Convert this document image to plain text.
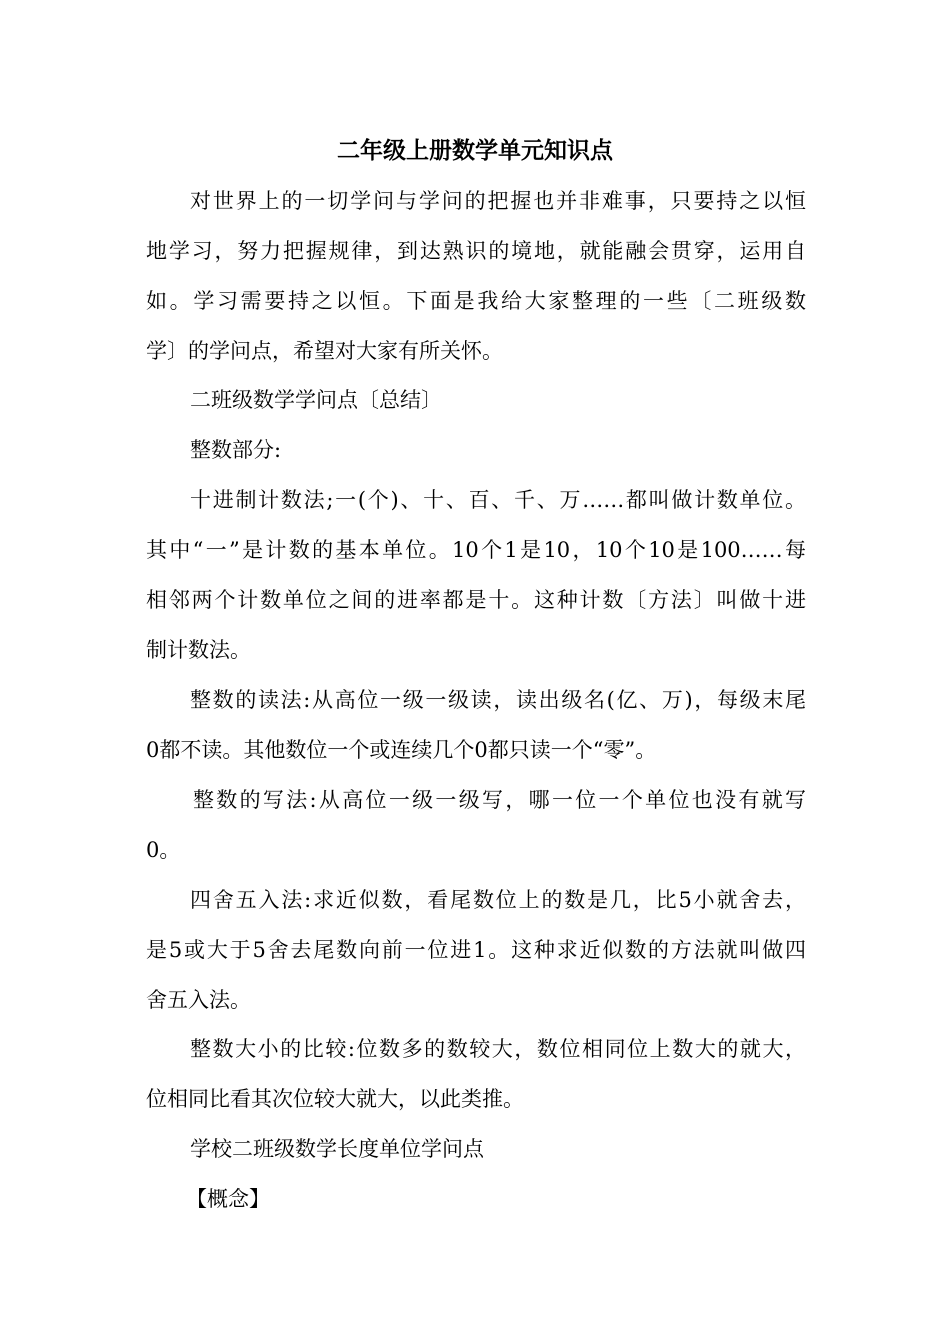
二年级上册数学单元知识点
对世界上的一切学问与学问的把握也并非难事，只要持之以恒
地学习，努力把握规律，到达熟识的境地，就能融会贯穿，运用自
如。学习需要持之以恒。下面是我给大家整理的一些〔二班级数
学〕的学问点，希望对大家有所关怀。
二班级数学学问点〔总结〕
整数部分:
十进制计数法;一(个)、十、百、千、万……都叫做计数单位。
其中“一”是计数的基本单位。10个1是10，10个10是100……每
相邻两个计数单位之间的进率都是十。这种计数〔方法〕叫做十进
制计数法。
整数的读法:从高位一级一级读，读出级名(亿、万)，每级末尾
0都不读。其他数位一个或连续几个0都只读一个“零”。
整数的写法:从高位一级一级写，哪一位一个单位也没有就写
0。
四舍五入法:求近似数，看尾数位上的数是几，比5小就舍去，
是5或大于5舍去尾数向前一位进1。这种求近似数的方法就叫做四
舍五入法。
整数大小的比较:位数多的数较大，数位相同位上数大的就大，
位相同比看其次位较大就大，以此类推。
学校二班级数学长度单位学问点
【概念】
